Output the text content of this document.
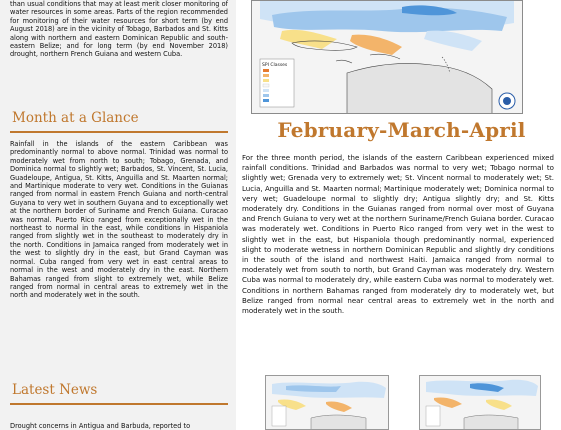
than usual conditions that may at least merit closer monitoring of water resources in some areas. Parts of the region recommended for monitoring of their water resources for short term (by end August 2018) are in the vicinity of Tobago, Barbados and St. Kitts along with northern and eastern Dominican Republic and south-eastern Belize; and for long term (by end November 2018) drought, northern French Guiana and western Cuba.

Month at a Glance

Rainfall in the islands of the eastern Caribbean was predominantly normal to above normal. Trinidad was normal to moderately wet from north to south; Tobago, Grenada, and Dominica normal to slightly wet; Barbados, St. Vincent, St. Lucia, Guadeloupe, Antigua, St. Kitts, Anguilla and St. Maarten normal; and Martinique moderate to very wet. Conditions in the Guianas ranged from normal in eastern French Guiana and north-central Guyana to very wet in southern Guyana and to exceptionally wet at the northern border of Suriname and French Guiana. Curacao was normal. Puerto Rico ranged from exceptionally wet in the northeast to normal in the east, while conditions in Hispaniola ranged from slightly wet in the southeast to moderately dry in the north. Conditions in Jamaica ranged from moderately wet in the west to slightly dry in the east, but Grand Cayman was normal. Cuba ranged from very wet in east central areas to normal in the west and moderately dry in the east. Northern Bahamas ranged from slight to extremely wet, while Belize ranged from normal in central areas to extremely wet in the north and moderately wet in the south.

Latest News

Drought concerns in Antigua and Barbuda, reported to

SPI Classes
February-March-April

For the three month period, the islands of the eastern Caribbean experienced mixed rainfall conditions. Trinidad and Barbados was normal to very wet; Tobago normal to slightly wet; Grenada very to extremely wet; St. Vincent normal to moderately wet; St. Lucia, Anguilla and St. Maarten normal; Martinique moderately wet; Dominica normal to very wet; Guadeloupe normal to slightly dry; Antigua slightly dry; and St. Kitts moderately dry. Conditions in the Guianas ranged from normal over most of Guyana and French Guiana to very wet at the northern Suriname/French Guiana border. Curacao was moderately wet. Conditions in Puerto Rico ranged from very wet in the west to slightly wet in the east, but Hispaniola though predominantly normal, experienced slight to moderate wetness in northern Dominican Republic and slightly dry conditions in the south of the island and northwest Haiti. Jamaica ranged from normal to moderately wet from south to north, but Grand Cayman was moderately dry. Western Cuba was normal to moderately dry, while eastern Cuba was normal to moderately wet. Conditions in northern Bahamas ranged from moderately dry to moderately wet, but Belize ranged from normal near central areas to extremely wet in the north and moderately wet in the south.
